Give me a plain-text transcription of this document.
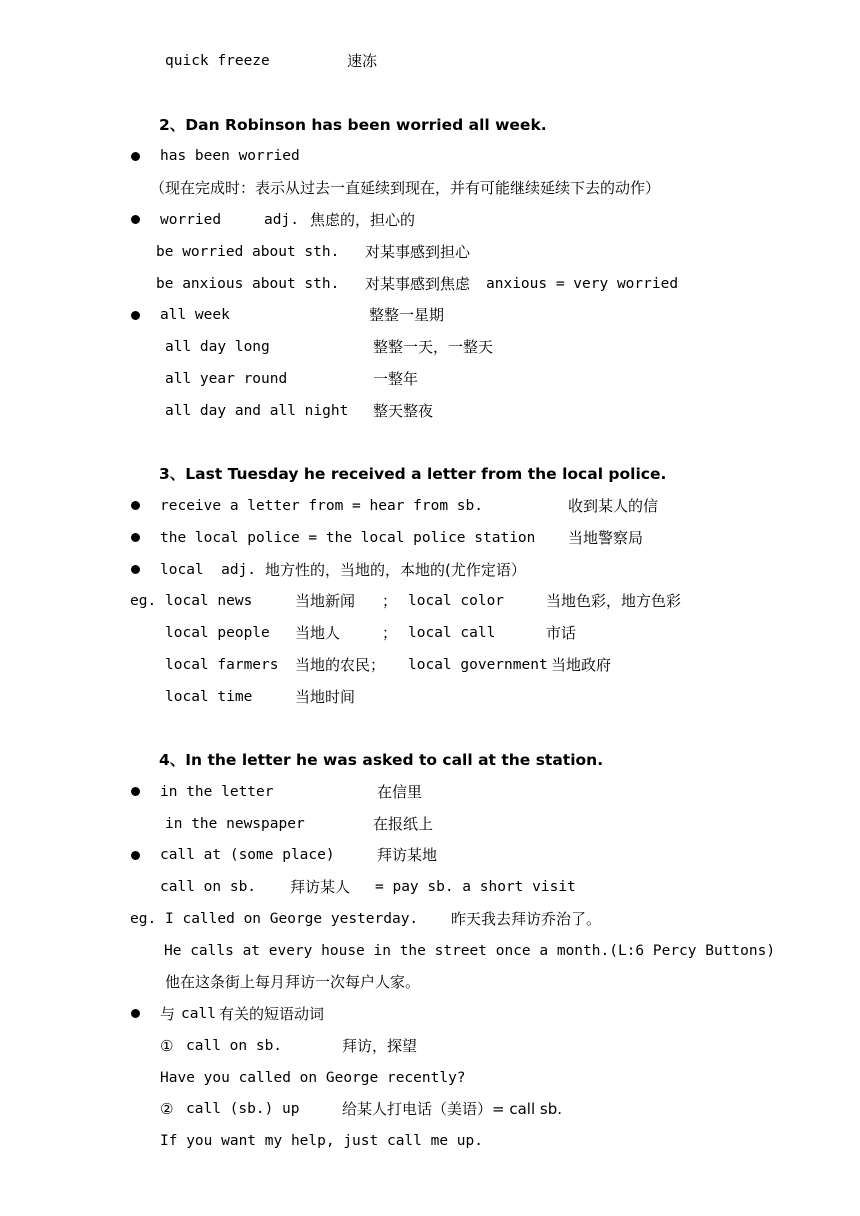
quick freeze	速冻
2、Dan Robinson has been worried all week.
has been worried
（现在完成时：表示从过去一直延续到现在，并有可能继续延续下去的动作）
worried	adj. 焦虑的，担心的
be worried about sth. 对某事感到担心
be anxious about sth. 对某事感到焦虑 anxious = very worried
all week	整整一星期
all day long	整整一天，一整天
all year round	一整年
all day and all night 整天整夜
3、Last Tuesday he received a letter from the local police.
receive a letter from = hear from sb.	收到某人的信
the local police = the local police station 当地警察局
local  adj. 地方性的，当地的，本地的(尤作定语）
eg. local news	当地新闻 ； local color	当地色彩，地方色彩
local people 当地人	； local call	市话
local farmers 当地的农民； local government 当地政府
local time	当地时间
4、In the letter he was asked to call at the station.
in the letter	在信里
in the newspaper	在报纸上
call at (some place)	拜访某地
call on sb. 拜访某人 = pay sb. a short visit
eg. I called on George yesterday. 昨天我去拜访乔治了。
He calls at every house in the street once a month.(L:6 Percy Buttons)
他在这条街上每月拜访一次每户人家。
与 call 有关的短语动词
① call on sb.	拜访，探望
Have you called on George recently?
② call (sb.) up	给某人打电话（美语）= call sb.
If you want my help, just call me up.
